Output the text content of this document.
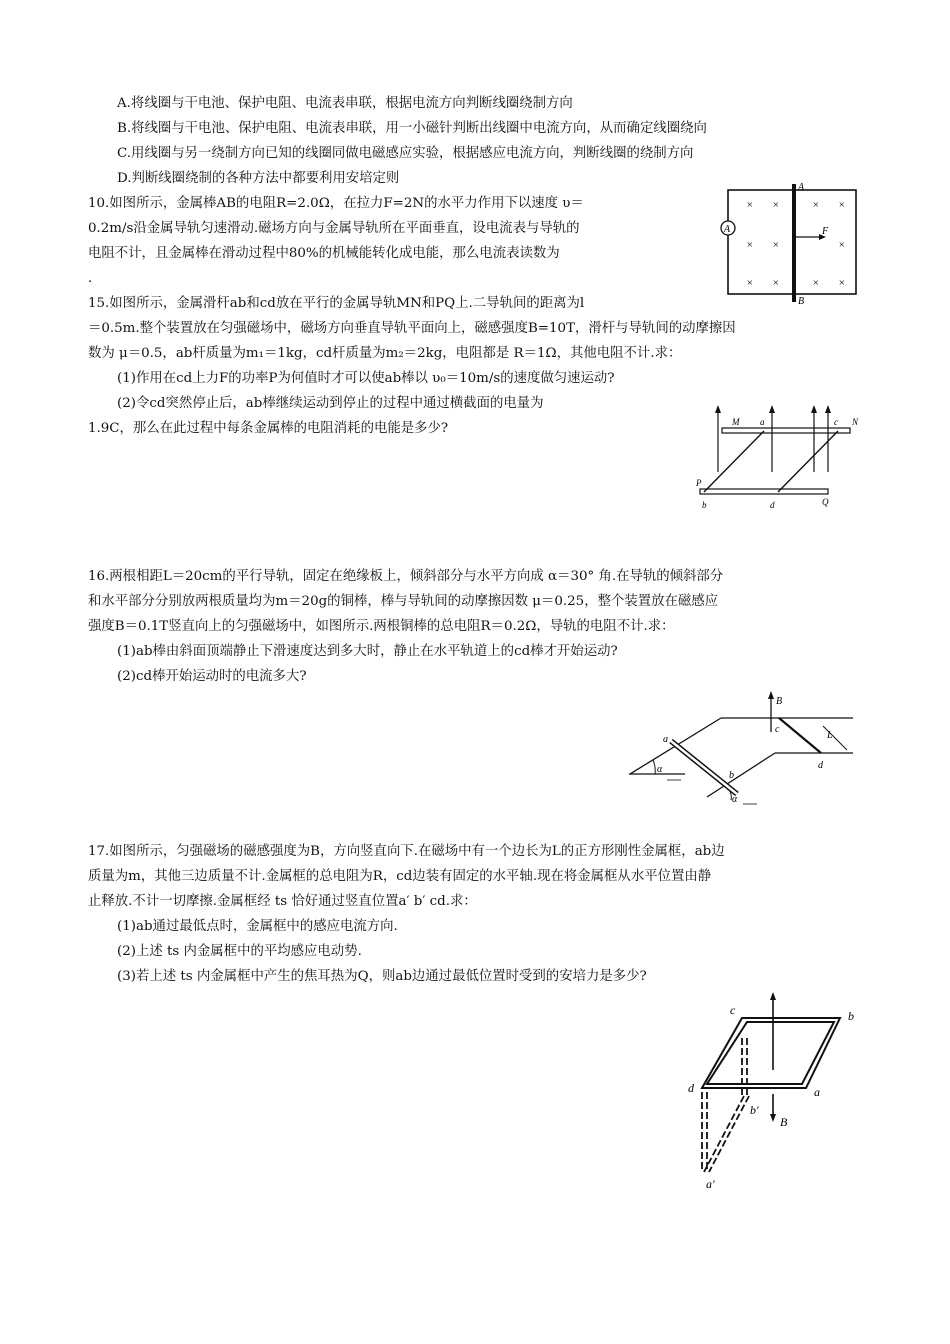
A.将线圈与干电池、保护电阻、电流表串联，根据电流方向判断线圈绕制方向
B.将线圈与干电池、保护电阻、电流表串联，用一小磁针判断出线圈中电流方向，从而确定线圈绕向
C.用线圈与另一绕制方向已知的线圈同做电磁感应实验，根据感应电流方向，判断线圈的绕制方向
D.判断线圈绕制的各种方法中都要利用安培定则
10.如图所示，金属棒AB的电阻R=2.0Ω，在拉力F=2N的水平力作用下以速度 υ＝
0.2m/s沿金属导轨匀速滑动.磁场方向与金属导轨所在平面垂直，设电流表与导轨的
电阻不计，且金属棒在滑动过程中80%的机械能转化成电能，那么电流表读数为
.
A
A
B
F
× ×	× ×
× ×	×
× ×	× ×
15.如图所示，金属滑杆ab和cd放在平行的金属导轨MN和PQ上.二导轨间的距离为l
＝0.5m.整个装置放在匀强磁场中，磁场方向垂直导轨平面向上，磁感强度B=10T，滑杆与导轨间的动摩擦因
数为 μ＝0.5，ab杆质量为m₁＝1kg，cd杆质量为m₂＝2kg，电阻都是 R＝1Ω，其他电阻不计.求：
(1)作用在cd上力F的功率P为何值时才可以使ab棒以 υ₀＝10m/s的速度做匀速运动?
(2)令cd突然停止后，ab棒继续运动到停止的过程中通过横截面的电量为
1.9C，那么在此过程中每条金属棒的电阻消耗的电能是多少?	M a	c N
P
b	d	Q
16.两根相距L＝20cm的平行导轨，固定在绝缘板上，倾斜部分与水平方向成 α＝30° 角.在导轨的倾斜部分
和水平部分分别放两根质量均为m＝20g的铜棒，棒与导轨间的动摩擦因数 μ＝0.25，整个装置放在磁感应
强度B＝0.1T竖直向上的匀强磁场中，如图所示.两根铜棒的总电阻R＝0.2Ω，导轨的电阻不计.求：
(1)ab棒由斜面顶端静止下滑速度达到多大时，静止在水平轨道上的cd棒才开始运动?
(2)cd棒开始运动时的电流多大?
B
a
b
c
d
L
α
α
17.如图所示，匀强磁场的磁感强度为B，方向竖直向下.在磁场中有一个边长为L的正方形刚性金属框，ab边
质量为m，其他三边质量不计.金属框的总电阻为R，cd边装有固定的水平轴.现在将金属框从水平位置由静
止释放.不计一切摩擦.金属框经 ts 恰好通过竖直位置a′ b′ cd.求：
(1)ab通过最低点时，金属框中的感应电流方向.
(2)上述 ts 内金属框中的平均感应电动势.
(3)若上述 ts 内金属框中产生的焦耳热为Q，则ab边通过最低位置时受到的安培力是多少?
c	b
d	a
b′
B
a′
